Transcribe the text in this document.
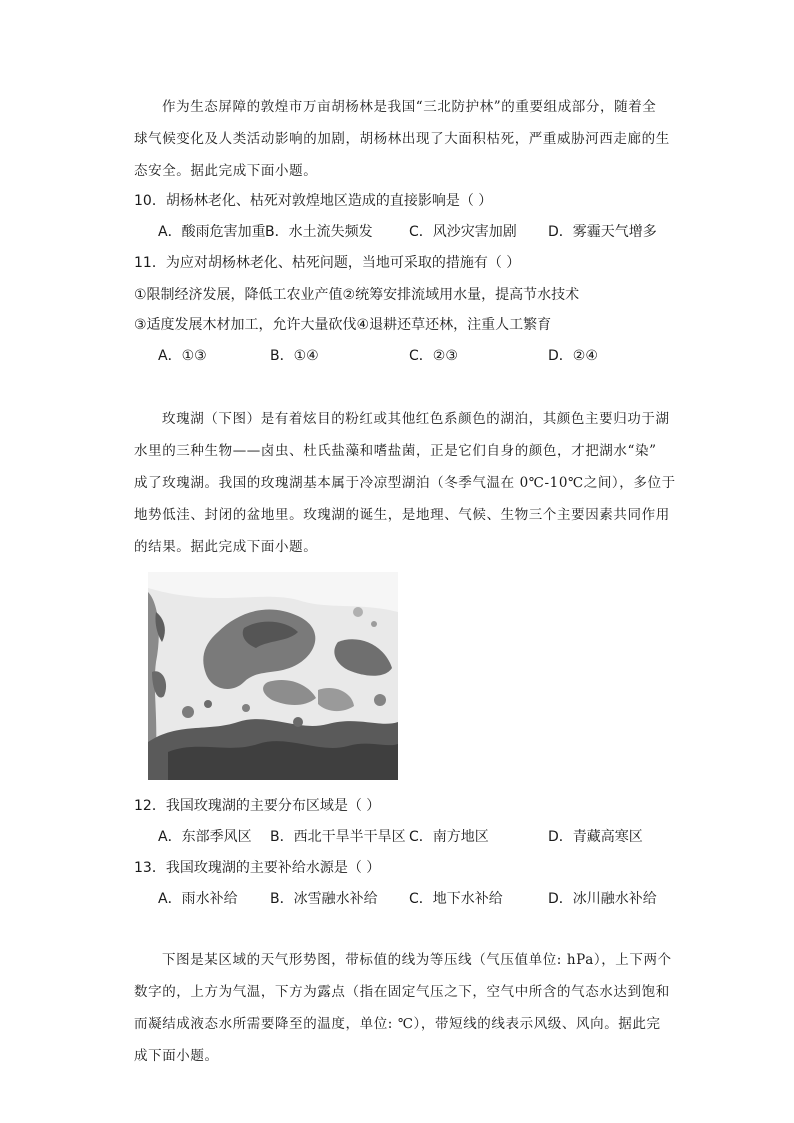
作为生态屏障的敦煌市万亩胡杨林是我国“三北防护林”的重要组成部分，随着全
球气候变化及人类活动影响的加剧，胡杨林出现了大面积枯死，严重威胁河西走廊的生
态安全。据此完成下面小题。
10．胡杨林老化、枯死对敦煌地区造成的直接影响是（ ）
A．酸雨危害加重 B．水土流失频发	C．风沙灾害加剧 D．雾霾天气增多
11．为应对胡杨林老化、枯死问题，当地可采取的措施有（ ）
①限制经济发展，降低工农业产值②统筹安排流域用水量，提高节水技术
③适度发展木材加工，允许大量砍伐④退耕还草还林，注重人工繁育
A．①③	B．①④	C．②③	D．②④
玫瑰湖（下图）是有着炫目的粉红或其他红色系颜色的湖泊，其颜色主要归功于湖
水里的三种生物——卤虫、杜氏盐藻和嗜盐菌，正是它们自身的颜色，才把湖水“染”
成了玫瑰湖。我国的玫瑰湖基本属于冷凉型湖泊（冬季气温在 0℃-10℃之间），多位于
地势低洼、封闭的盆地里。玫瑰湖的诞生，是地理、气候、生物三个主要因素共同作用
的结果。据此完成下面小题。
12．我国玫瑰湖的主要分布区域是（ ）
A．东部季风区 B．西北干旱半干旱区 C．南方地区	D．青藏高寒区
13．我国玫瑰湖的主要补给水源是（ ）
A．雨水补给 B．冰雪融水补给 C．地下水补给	D．冰川融水补给
下图是某区域的天气形势图，带标值的线为等压线（气压值单位: hPa），上下两个
数字的，上方为气温，下方为露点（指在固定气压之下，空气中所含的气态水达到饱和
而凝结成液态水所需要降至的温度，单位: ℃），带短线的线表示风级、风向。据此完
成下面小题。
